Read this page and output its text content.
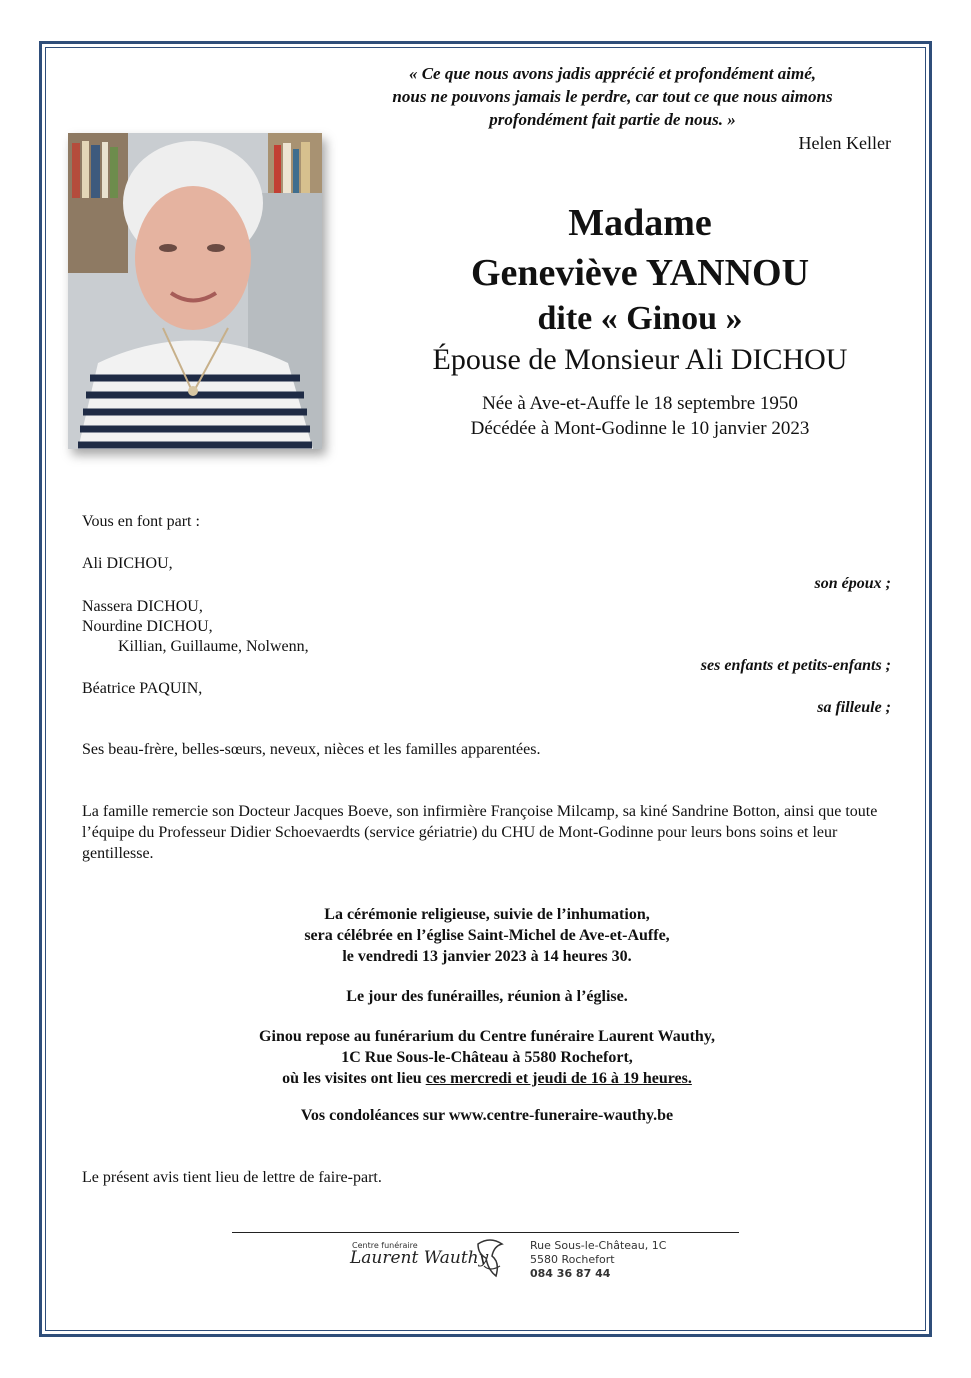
« Ce que nous avons jadis apprécié et profondément aimé,
nous ne pouvons jamais le perdre, car tout ce que nous aimons
profondément fait partie de nous. »
Helen Keller
Madame
Geneviève YANNOU
dite « Ginou »
Épouse de Monsieur Ali DICHOU
Née à Ave-et-Auffe le 18 septembre 1950
Décédée à Mont-Godinne le 10 janvier 2023
Vous en font part :
Ali DICHOU,
son époux ;
Nassera DICHOU,
Nourdine DICHOU,
Killian, Guillaume, Nolwenn,
ses enfants et petits-enfants ;
Béatrice PAQUIN,
sa filleule ;
Ses beau-frère, belles-sœurs, neveux, nièces et les familles apparentées.
La famille remercie son Docteur Jacques Boeve, son infirmière Françoise Milcamp, sa kiné Sandrine Botton, ainsi que toute l’équipe du Professeur Didier Schoevaerdts (service gériatrie) du CHU de Mont-Godinne pour leurs bons soins et leur gentillesse.
La cérémonie religieuse, suivie de l’inhumation,
sera célébrée en l’église Saint-Michel de Ave-et-Auffe,
le vendredi 13 janvier 2023 à 14 heures 30.
Le jour des funérailles, réunion à l’église.
Ginou repose au funérarium du Centre funéraire Laurent Wauthy,
1C Rue Sous-le-Château à 5580 Rochefort,
où les visites ont lieu ces mercredi et jeudi de 16 à 19 heures.
Vos condoléances sur www.centre-funeraire-wauthy.be
Le présent avis tient lieu de lettre de faire-part.
Centre funéraire
Laurent Wauthy
Rue Sous-le-Château, 1C
5580 Rochefort
084 36 87 44
